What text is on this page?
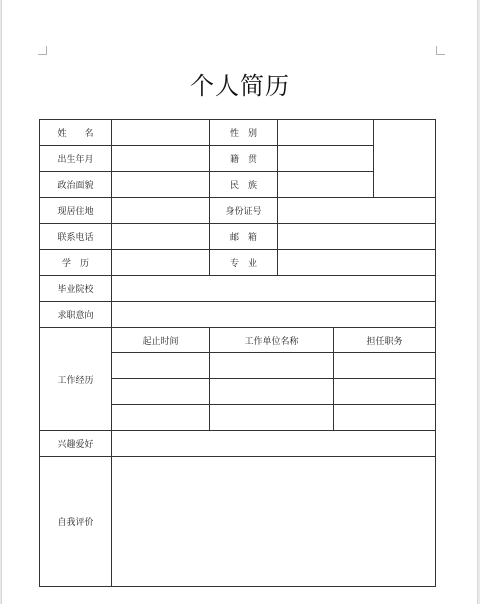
个人简历
姓　　名		性　别		
出生年月		籍　贯		
政治面貌		民　族		
现居住地		身份证号		
联系电话		邮　箱		
学　历		专　业		
毕业院校				
求职意向				
工作经历	起止时间	工作单位名称	担任职务

兴趣爱好			
自我评价			
